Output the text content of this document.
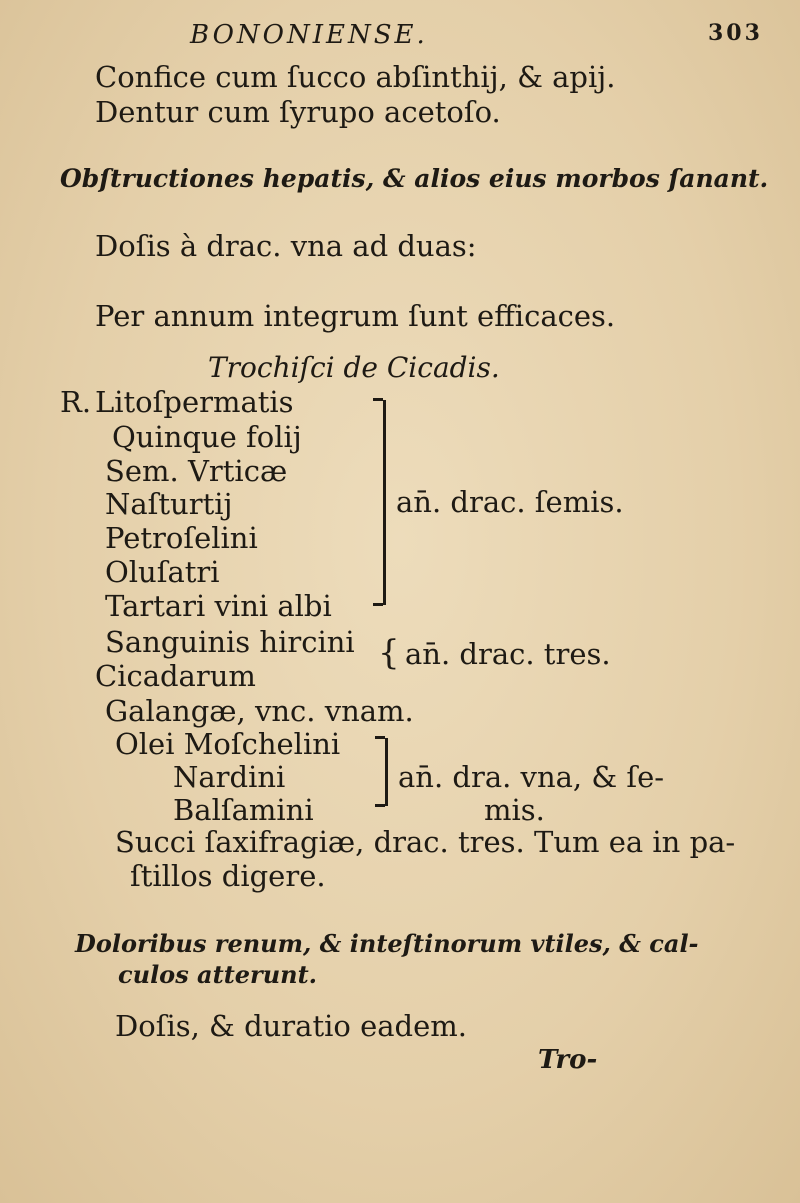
BONONIENSE.	303
Confice cum ſucco abſinthij, & apij.
Dentur cum ſyrupo acetoſo.
Obſtructiones hepatis, & alios eius morbos ſanant.
Doſis à drac. vna ad duas:
Per annum integrum ſunt efficaces.
Trochiſci de Cicadis.
R. Litoſpermatis
Quinque folij
Sem. Vrticæ
Naſturtij
Petroſelini
Oluſatri
Tartari vini albi
an̄. drac. ſemis.
Sanguinis hircini
Cicadarum
{ an̄. drac. tres.
Galangæ, vnc. vnam.
Olei Moſchelini
Nardini
Balſamini
an̄. dra. vna, & ſe-
mis.
Succi ſaxifragiæ, drac. tres. Tum ea in pa-
ſtillos digere.
Doloribus renum, & inteſtinorum vtiles, & cal-
culos atterunt.
Doſis, & duratio eadem.
Tro-
